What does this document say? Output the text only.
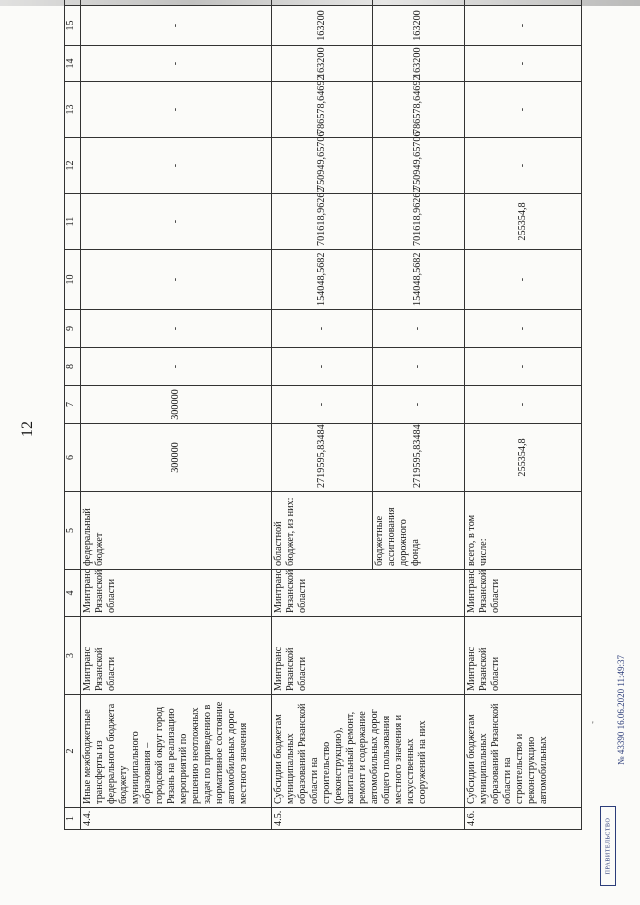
12
1	2	3	4	5	6	7	8	9	10	11	12	13	14	15	
4.4.	Иные межбюджетные трансферты из федерального бюджета бюджету муниципального образования – городской округ город Рязань на реализацию мероприятий по решению неотложных задач по приведению в нормативное состояние автомобильных дорог местного значения	Минтранс Рязанской области	Минтранс Рязанской области	федеральный бюджет	300000	300000	-	-	-	-	-	-	-	-	
4.5.	Субсидии бюджетам муниципальных образований Рязанской области на строительство (реконструкцию), капитальный ремонт, ремонт и содержание автомобильных дорог общего пользования местного значения и искусственных сооружений на них	Минтранс Рязанской области	Минтранс Рязанской области	областной бюджет, из них:	2719595,83484	-	-	-	154048,5682	701618,96262	750949,65706	786578,64692	163200	163200	
				бюджетные ассигнования дорожного фонда	2719595,83484	-	-	-	154048,5682	701618,96262	750949,65706	786578,64692	163200	163200	
4.6.	Субсидии бюджетам муниципальных образований Рязанской области на строительство и реконструкцию автомобильных	Минтранс Рязанской области	Минтранс Рязанской области	всего, в том числе:	255354,8	-	-	-	-	255354,8	-	-	-	-	
' № 43390 16.06.2020 11:49:37
ПРАВИТЕЛЬСТВО
